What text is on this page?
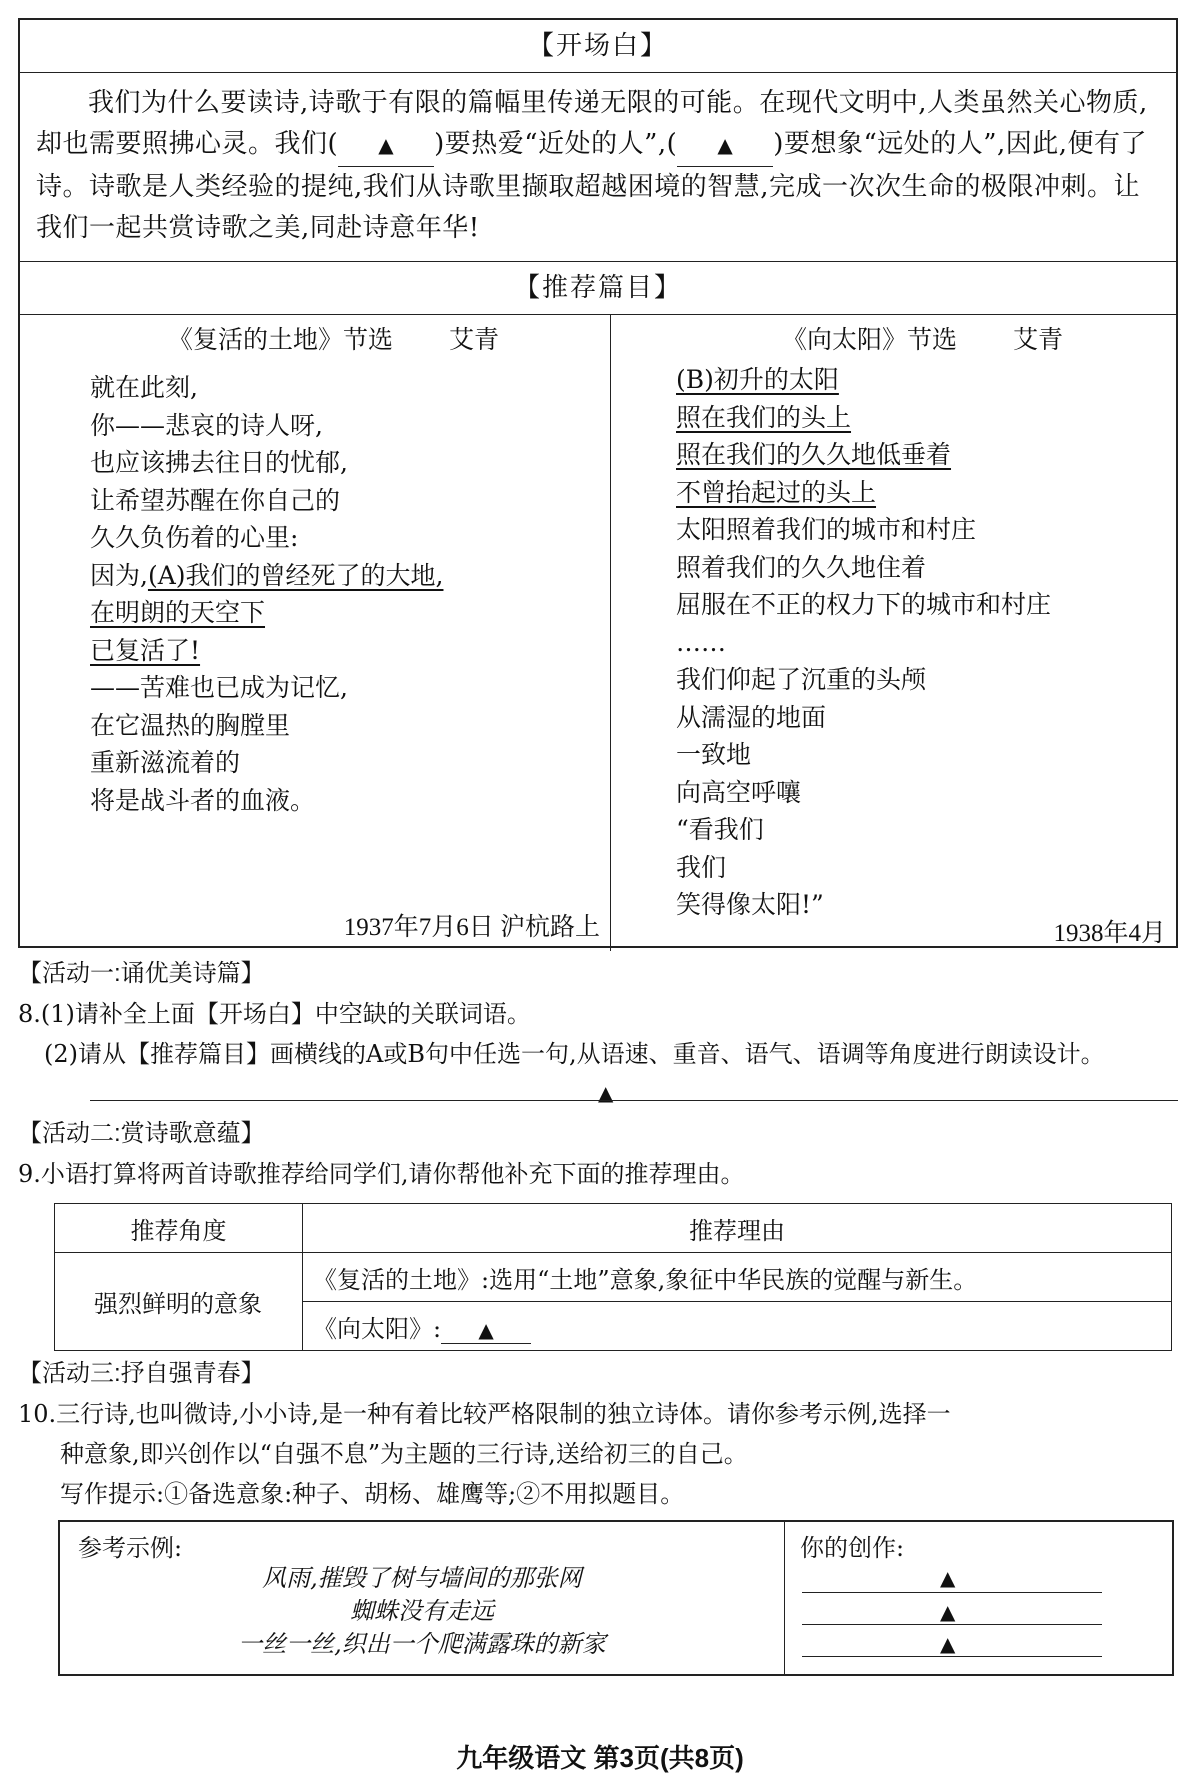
【开场白】
我们为什么要读诗,诗歌于有限的篇幅里传递无限的可能。在现代文明中,人类虽然关心物质,却也需要照拂心灵。我们( ▲ )要热爱“近处的人”,( ▲ )要想象“远处的人”,因此,便有了诗。诗歌是人类经验的提纯,我们从诗歌里撷取超越困境的智慧,完成一次次生命的极限冲刺。让我们一起共赏诗歌之美,同赴诗意年华!
【推荐篇目】
《复活的土地》节选 艾青
就在此刻,
你——悲哀的诗人呀,
也应该拂去往日的忧郁,
让希望苏醒在你自己的
久久负伤着的心里:
因为,(A)我们的曾经死了的大地,
在明朗的天空下
已复活了!
——苦难也已成为记忆,
在它温热的胸膛里
重新滋流着的
将是战斗者的血液。
1937年7月6日 沪杭路上
《向太阳》节选 艾青
(B)初升的太阳
照在我们的头上
照在我们的久久地低垂着
不曾抬起过的头上
太阳照着我们的城市和村庄
照着我们的久久地住着
屈服在不正的权力下的城市和村庄
……
我们仰起了沉重的头颅
从濡湿的地面
一致地
向高空呼嚷
“看我们
我们
笑得像太阳!”
1938年4月
【活动一:诵优美诗篇】
8.(1)请补全上面【开场白】中空缺的关联词语。
(2)请从【推荐篇目】画横线的A或B句中任选一句,从语速、重音、语气、语调等角度进行朗读设计。
▲
【活动二:赏诗歌意蕴】
9.小语打算将两首诗歌推荐给同学们,请你帮他补充下面的推荐理由。
推荐角度	推荐理由
强烈鲜明的意象	《复活的土地》:选用“土地”意象,象征中华民族的觉醒与新生。
	《向太阳》: ▲
【活动三:抒自强青春】
10.三行诗,也叫微诗,小小诗,是一种有着比较严格限制的独立诗体。请你参考示例,选择一
种意象,即兴创作以“自强不息”为主题的三行诗,送给初三的自己。
写作提示:①备选意象:种子、胡杨、雄鹰等;②不用拟题目。
参考示例:
风雨,摧毁了树与墙间的那张网
蜘蛛没有走远
一丝一丝,织出一个爬满露珠的新家
你的创作:
▲
▲
▲
九年级语文 第3页(共8页)
